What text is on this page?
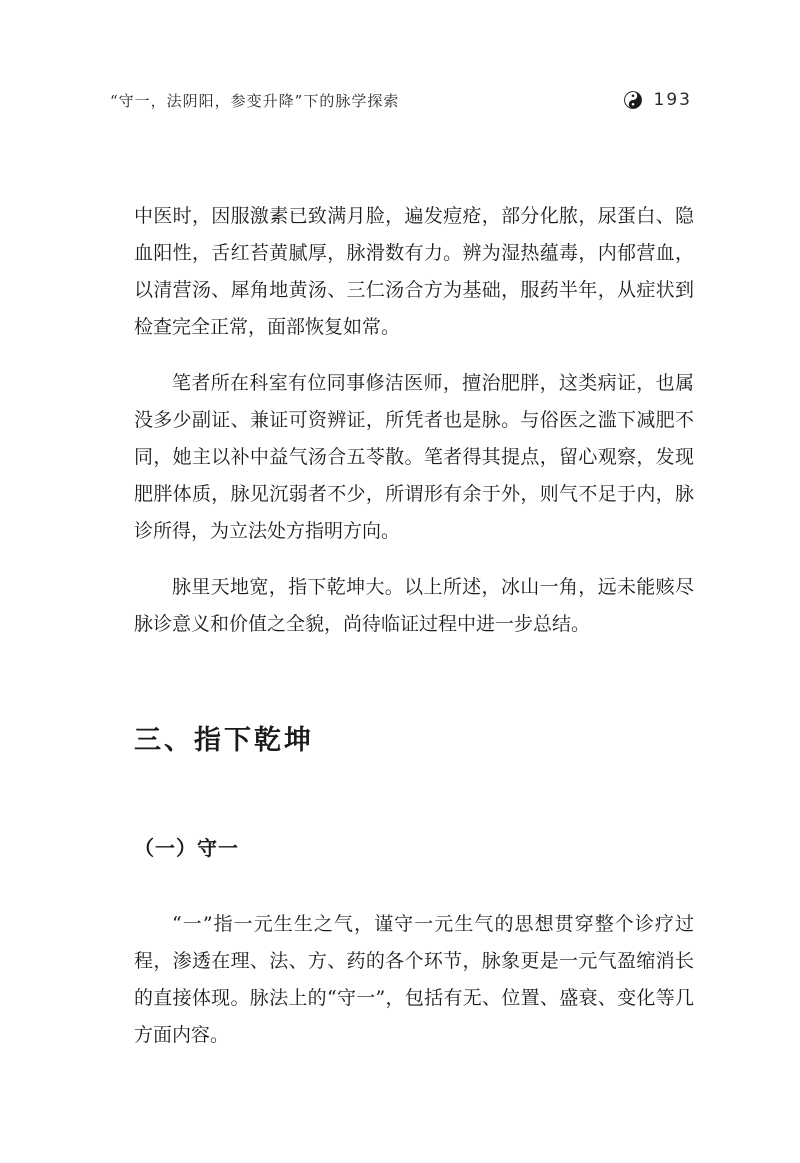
“守一，法阴阳，参变升降”下的脉学探索	193

中医时，因服激素已致满月脸，遍发痘疮，部分化脓，尿蛋白、隐血阳性，舌红苔黄腻厚，脉滑数有力。辨为湿热蕴毒，内郁营血，以清营汤、犀角地黄汤、三仁汤合方为基础，服药半年，从症状到检查完全正常，面部恢复如常。

笔者所在科室有位同事修洁医师，擅治肥胖，这类病证，也属没多少副证、兼证可资辨证，所凭者也是脉。与俗医之滥下减肥不同，她主以补中益气汤合五苓散。笔者得其提点，留心观察，发现肥胖体质，脉见沉弱者不少，所谓形有余于外，则气不足于内，脉诊所得，为立法处方指明方向。

脉里天地宽，指下乾坤大。以上所述，冰山一角，远未能赅尽脉诊意义和价值之全貌，尚待临证过程中进一步总结。

三、指下乾坤
（一）守一

“一”指一元生生之气，谨守一元生气的思想贯穿整个诊疗过程，渗透在理、法、方、药的各个环节，脉象更是一元气盈缩消长的直接体现。脉法上的“守一”，包括有无、位置、盛衰、变化等几方面内容。
